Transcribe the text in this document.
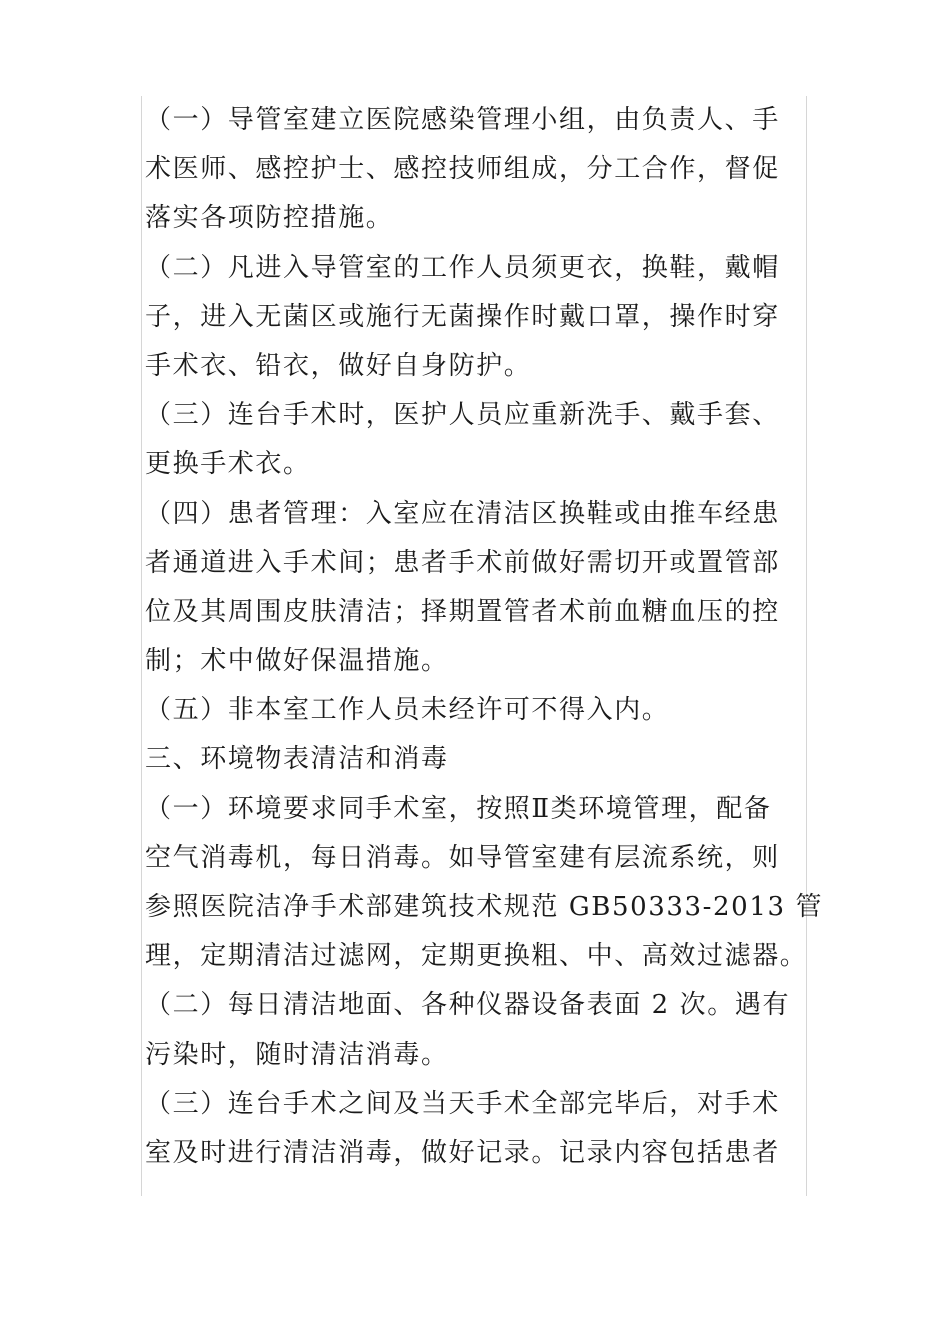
（一）导管室建立医院感染管理小组，由负责人、手
术医师、感控护士、感控技师组成，分工合作，督促
落实各项防控措施。
（二）凡进入导管室的工作人员须更衣，换鞋，戴帽
子，进入无菌区或施行无菌操作时戴口罩，操作时穿
手术衣、铅衣，做好自身防护。
（三）连台手术时，医护人员应重新洗手、戴手套、
更换手术衣。
（四）患者管理：入室应在清洁区换鞋或由推车经患
者通道进入手术间；患者手术前做好需切开或置管部
位及其周围皮肤清洁；择期置管者术前血糖血压的控
制；术中做好保温措施。
（五）非本室工作人员未经许可不得入内。
三、环境物表清洁和消毒
（一）环境要求同手术室，按照Ⅱ类环境管理，配备
空气消毒机，每日消毒。如导管室建有层流系统，则
参照医院洁净手术部建筑技术规范 GB50333-2013 管
理，定期清洁过滤网，定期更换粗、中、高效过滤器。
（二）每日清洁地面、各种仪器设备表面 2 次。遇有
污染时，随时清洁消毒。
（三）连台手术之间及当天手术全部完毕后，对手术
室及时进行清洁消毒，做好记录。记录内容包括患者
